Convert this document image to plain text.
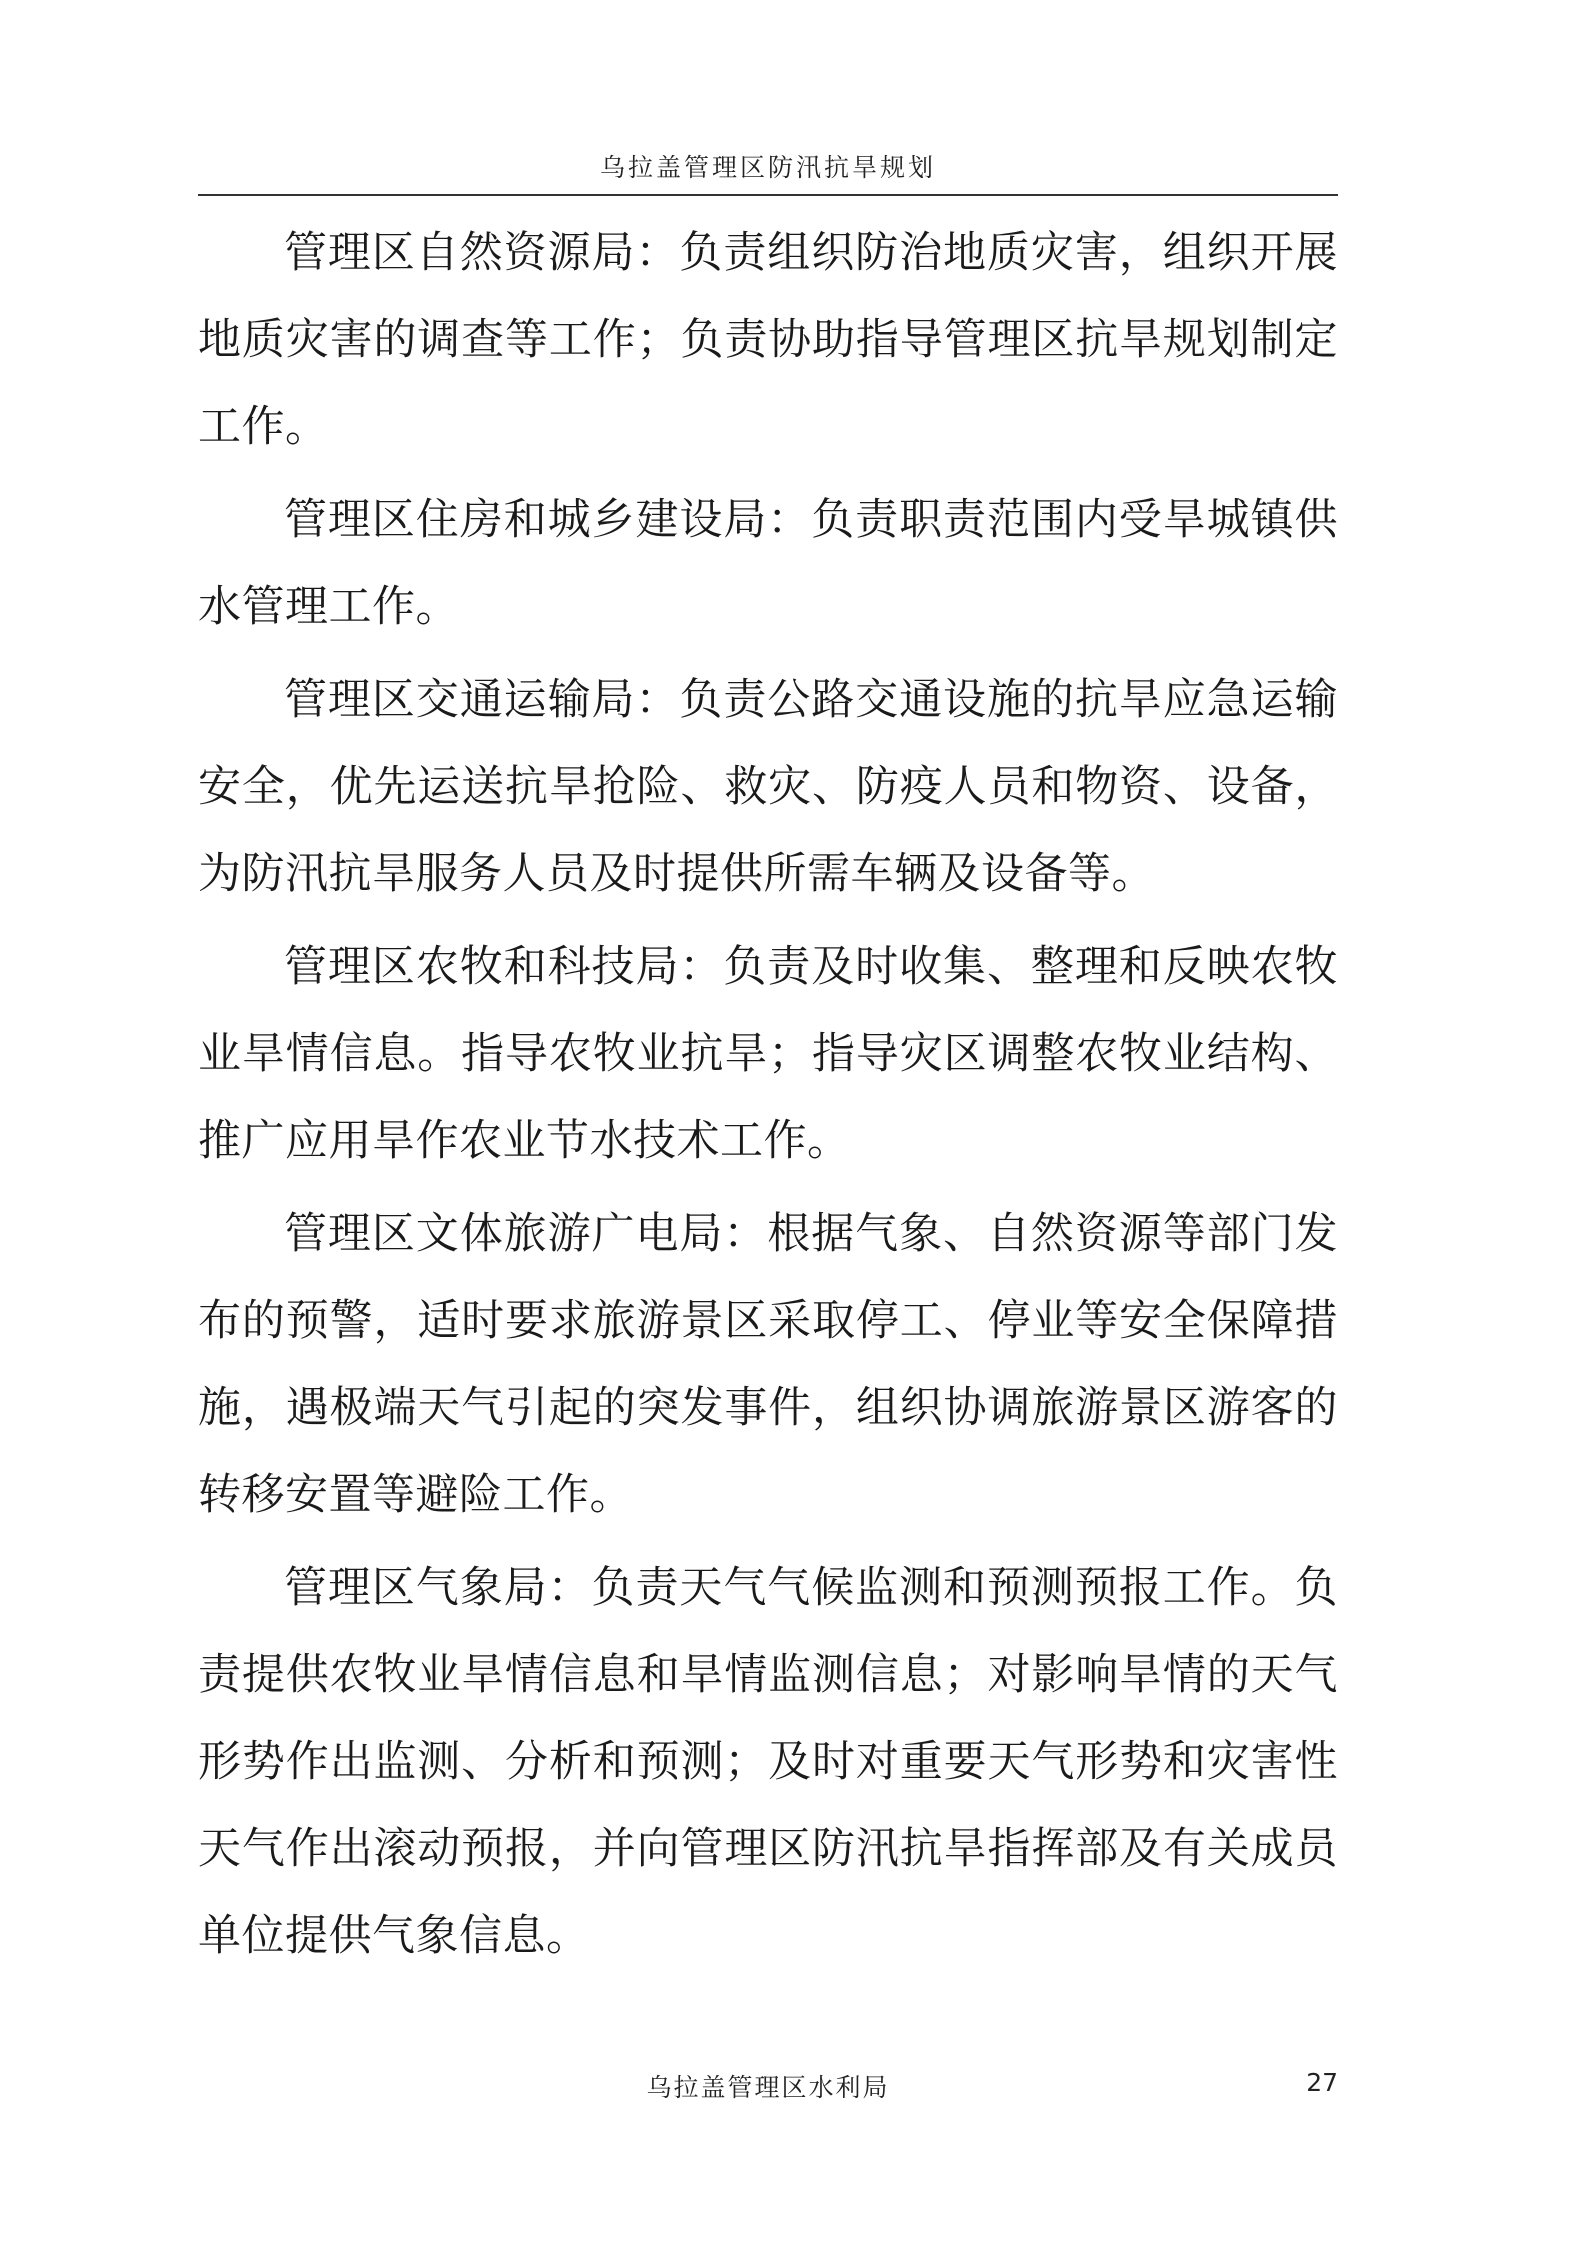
乌拉盖管理区防汛抗旱规划

管理区自然资源局：负责组织防治地质灾害，组织开展地质灾害的调查等工作；负责协助指导管理区抗旱规划制定工作。

管理区住房和城乡建设局：负责职责范围内受旱城镇供水管理工作。

管理区交通运输局：负责公路交通设施的抗旱应急运输安全，优先运送抗旱抢险、救灾、防疫人员和物资、设备，为防汛抗旱服务人员及时提供所需车辆及设备等。

管理区农牧和科技局：负责及时收集、整理和反映农牧业旱情信息。指导农牧业抗旱；指导灾区调整农牧业结构、推广应用旱作农业节水技术工作。

管理区文体旅游广电局：根据气象、自然资源等部门发布的预警，适时要求旅游景区采取停工、停业等安全保障措施，遇极端天气引起的突发事件，组织协调旅游景区游客的转移安置等避险工作。

管理区气象局：负责天气气候监测和预测预报工作。负责提供农牧业旱情信息和旱情监测信息；对影响旱情的天气形势作出监测、分析和预测；及时对重要天气形势和灾害性天气作出滚动预报，并向管理区防汛抗旱指挥部及有关成员单位提供气象信息。

乌拉盖管理区水利局	27
